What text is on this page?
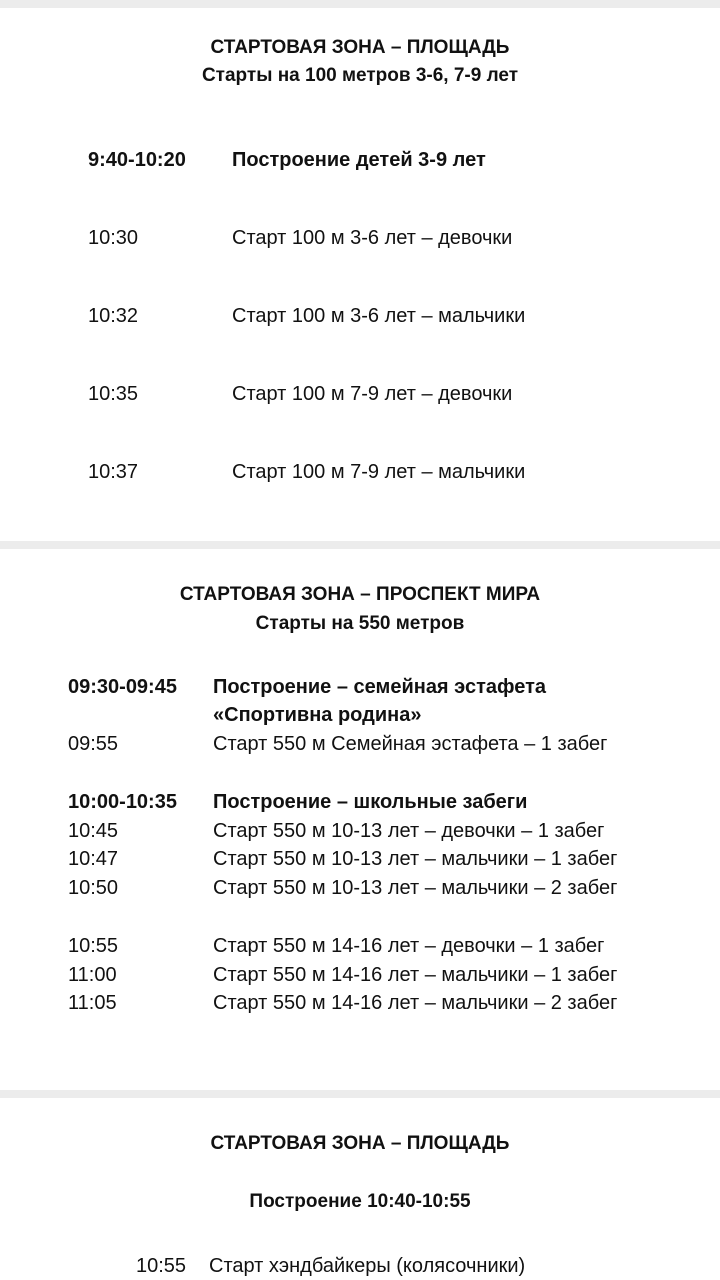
СТАРТОВАЯ ЗОНА – ПЛОЩАДЬ
Старты на 100 метров 3-6, 7-9 лет
9:40-10:20 Построение детей 3-9 лет
10:30	Старт 100 м 3-6 лет – девочки
10:32	Старт 100 м 3-6 лет – мальчики
10:35	Старт 100 м 7-9 лет – девочки
10:37	Старт 100 м 7-9 лет – мальчики
СТАРТОВАЯ ЗОНА – ПРОСПЕКТ МИРА
Старты на 550 метров
09:30-09:45 Построение – семейная эстафета
«Спортивна родина»
09:55	Старт 550 м Семейная эстафета – 1 забег
10:00-10:35 Построение – школьные забеги
10:45	Старт 550 м 10-13 лет – девочки – 1 забег
10:47	Старт 550 м 10-13 лет – мальчики – 1 забег
10:50	Старт 550 м 10-13 лет – мальчики – 2 забег
10:55	Старт 550 м 14-16 лет – девочки – 1 забег
11:00	Старт 550 м 14-16 лет – мальчики – 1 забег
11:05	Старт 550 м 14-16 лет – мальчики – 2 забег
СТАРТОВАЯ ЗОНА – ПЛОЩАДЬ
Построение 10:40-10:55
10:55 Старт хэндбайкеры (колясочники)
